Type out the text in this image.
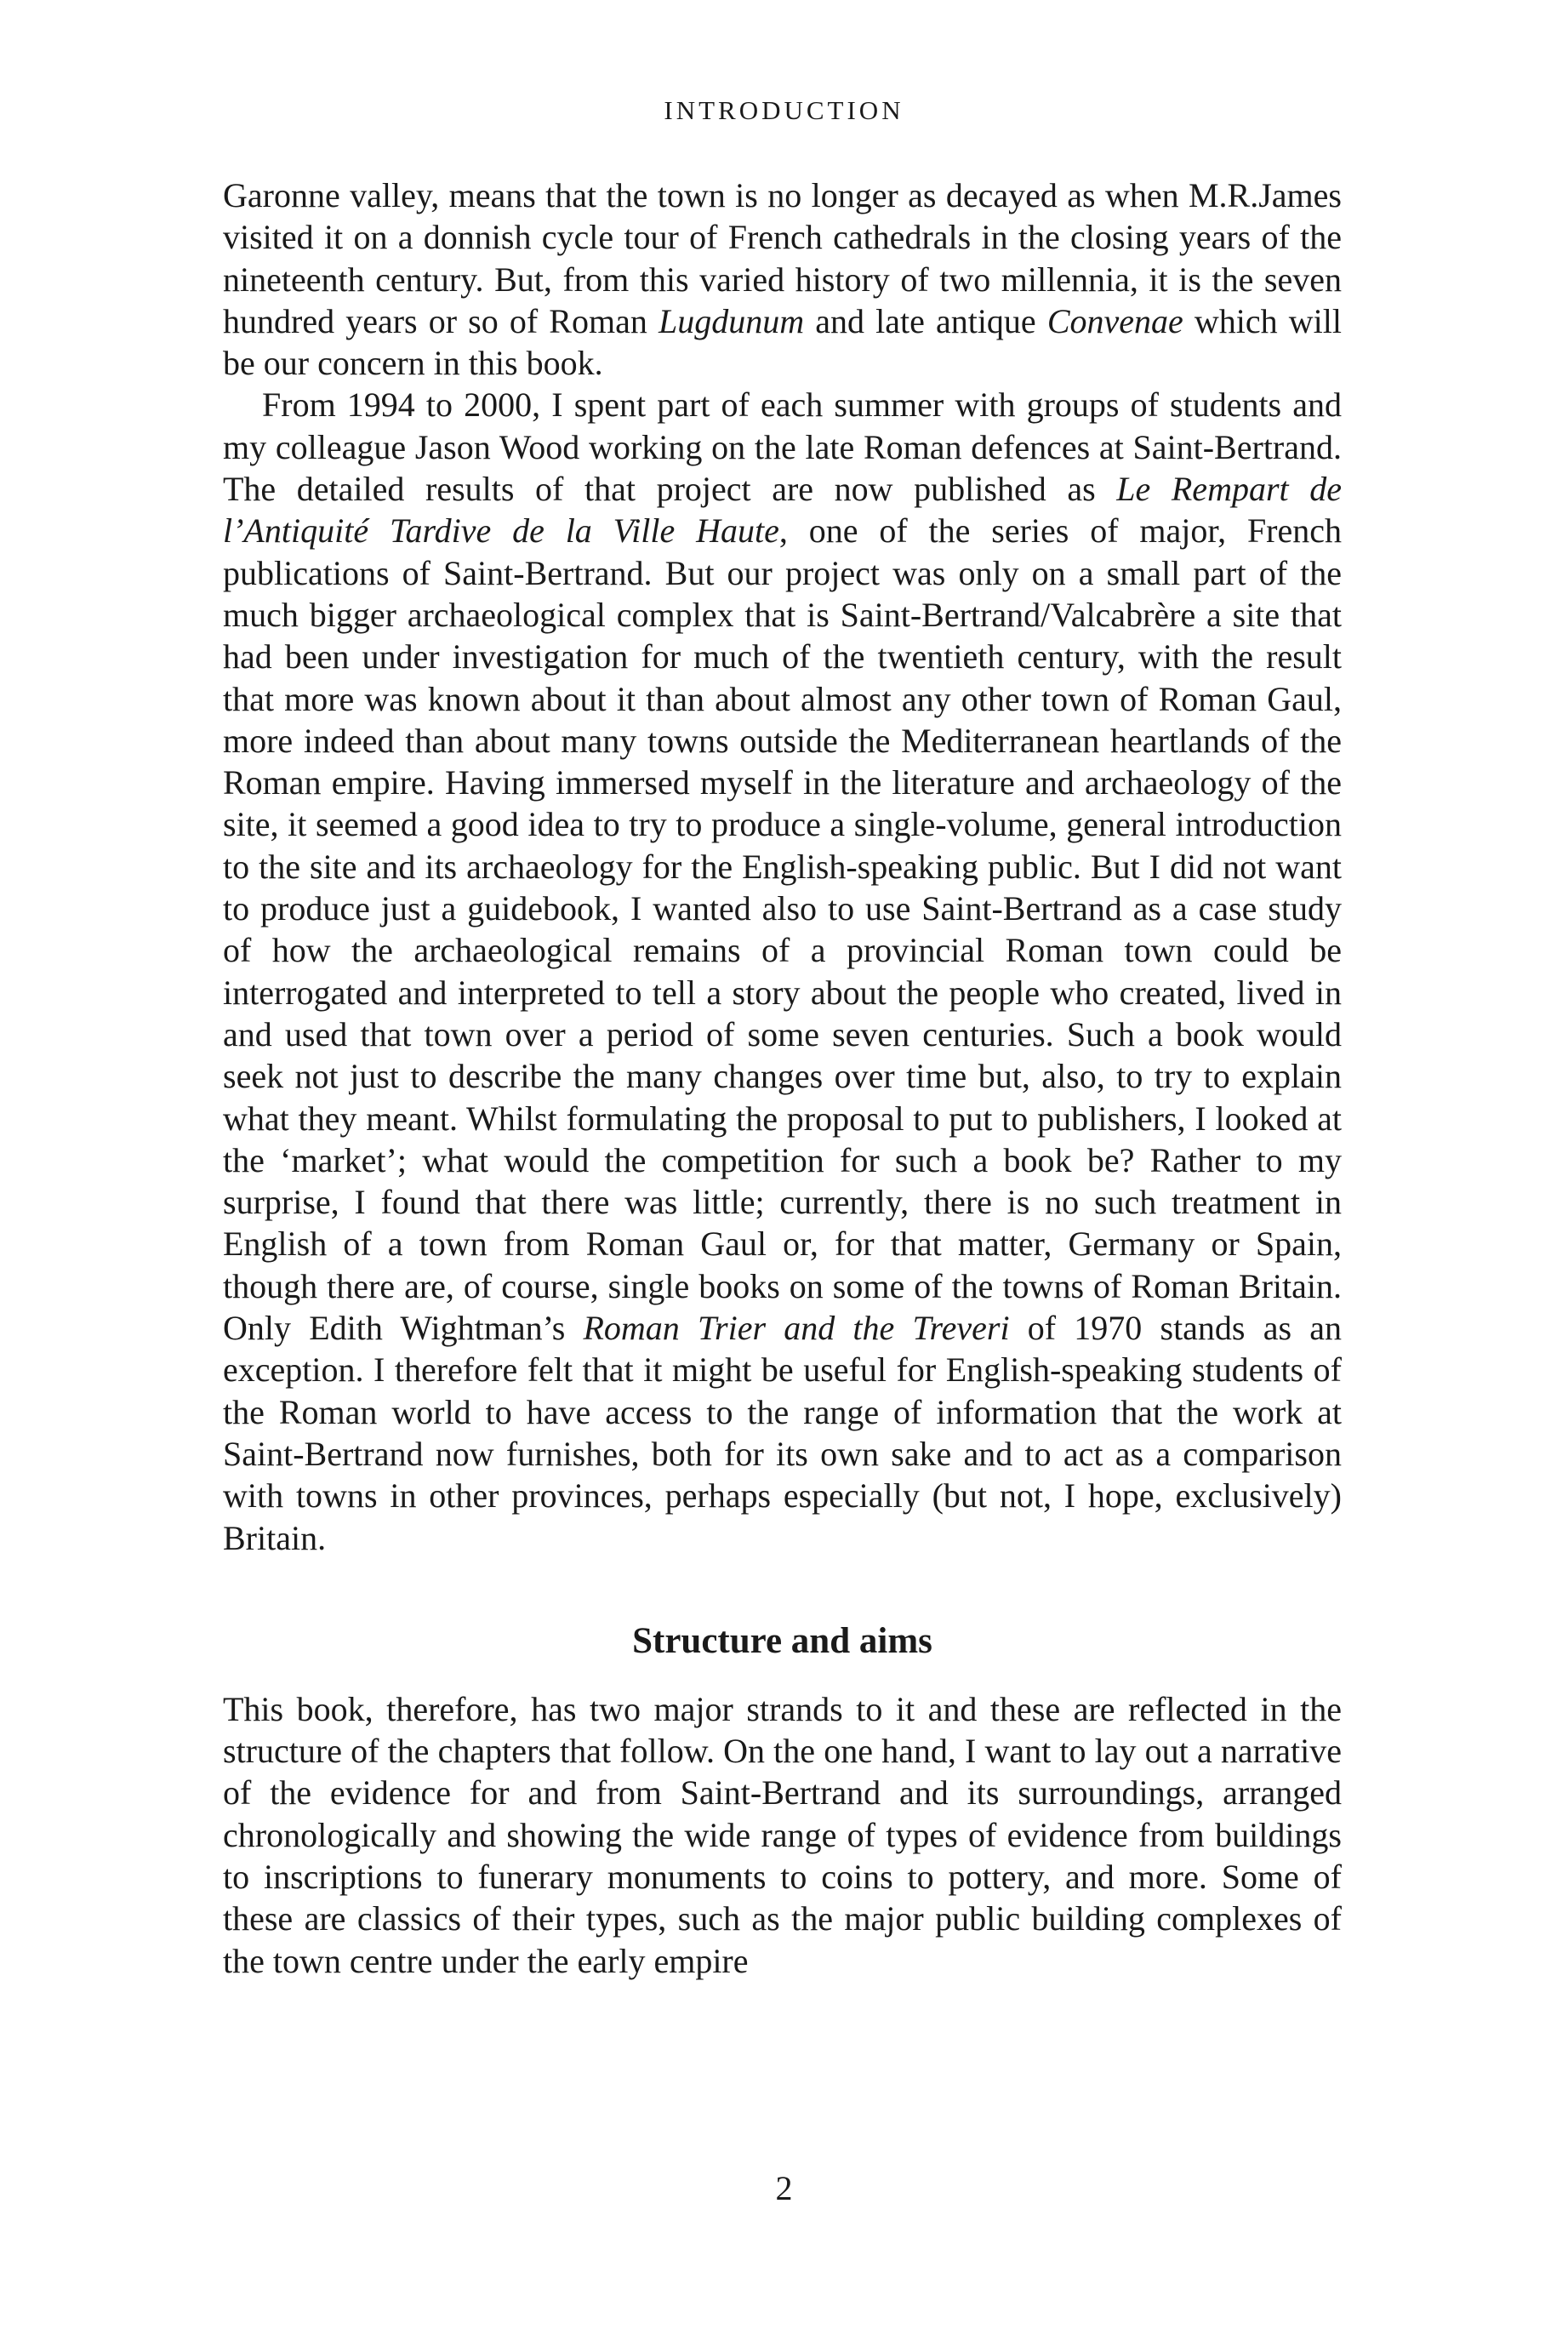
INTRODUCTION

Garonne valley, means that the town is no longer as decayed as when M.R.James visited it on a donnish cycle tour of French cathedrals in the closing years of the nineteenth century. But, from this varied history of two millennia, it is the seven hundred years or so of Roman Lugdunum and late antique Convenae which will be our concern in this book.

From 1994 to 2000, I spent part of each summer with groups of students and my colleague Jason Wood working on the late Roman defences at Saint-Bertrand. The detailed results of that project are now published as Le Rempart de l’Antiquité Tardive de la Ville Haute, one of the series of major, French publications of Saint-Bertrand. But our project was only on a small part of the much bigger archaeological complex that is Saint-Bertrand/Valcabrère a site that had been under investigation for much of the twentieth century, with the result that more was known about it than about almost any other town of Roman Gaul, more indeed than about many towns outside the Mediterranean heartlands of the Roman empire. Having immersed myself in the literature and archaeology of the site, it seemed a good idea to try to produce a single-volume, general introduction to the site and its archaeology for the English-speaking public. But I did not want to produce just a guidebook, I wanted also to use Saint-Bertrand as a case study of how the archaeological remains of a provincial Roman town could be interrogated and interpreted to tell a story about the people who created, lived in and used that town over a period of some seven centuries. Such a book would seek not just to describe the many changes over time but, also, to try to explain what they meant. Whilst formulating the proposal to put to publishers, I looked at the ‘market’; what would the competition for such a book be? Rather to my surprise, I found that there was little; currently, there is no such treatment in English of a town from Roman Gaul or, for that matter, Germany or Spain, though there are, of course, single books on some of the towns of Roman Britain. Only Edith Wightman’s Roman Trier and the Treveri of 1970 stands as an exception. I therefore felt that it might be useful for English-speaking students of the Roman world to have access to the range of information that the work at Saint-Bertrand now furnishes, both for its own sake and to act as a comparison with towns in other provinces, perhaps especially (but not, I hope, exclusively) Britain.

Structure and aims

This book, therefore, has two major strands to it and these are reflected in the structure of the chapters that follow. On the one hand, I want to lay out a narrative of the evidence for and from Saint-Bertrand and its surroundings, arranged chronologically and showing the wide range of types of evidence from buildings to inscriptions to funerary monuments to coins to pottery, and more. Some of these are classics of their types, such as the major public building complexes of the town centre under the early empire

2
